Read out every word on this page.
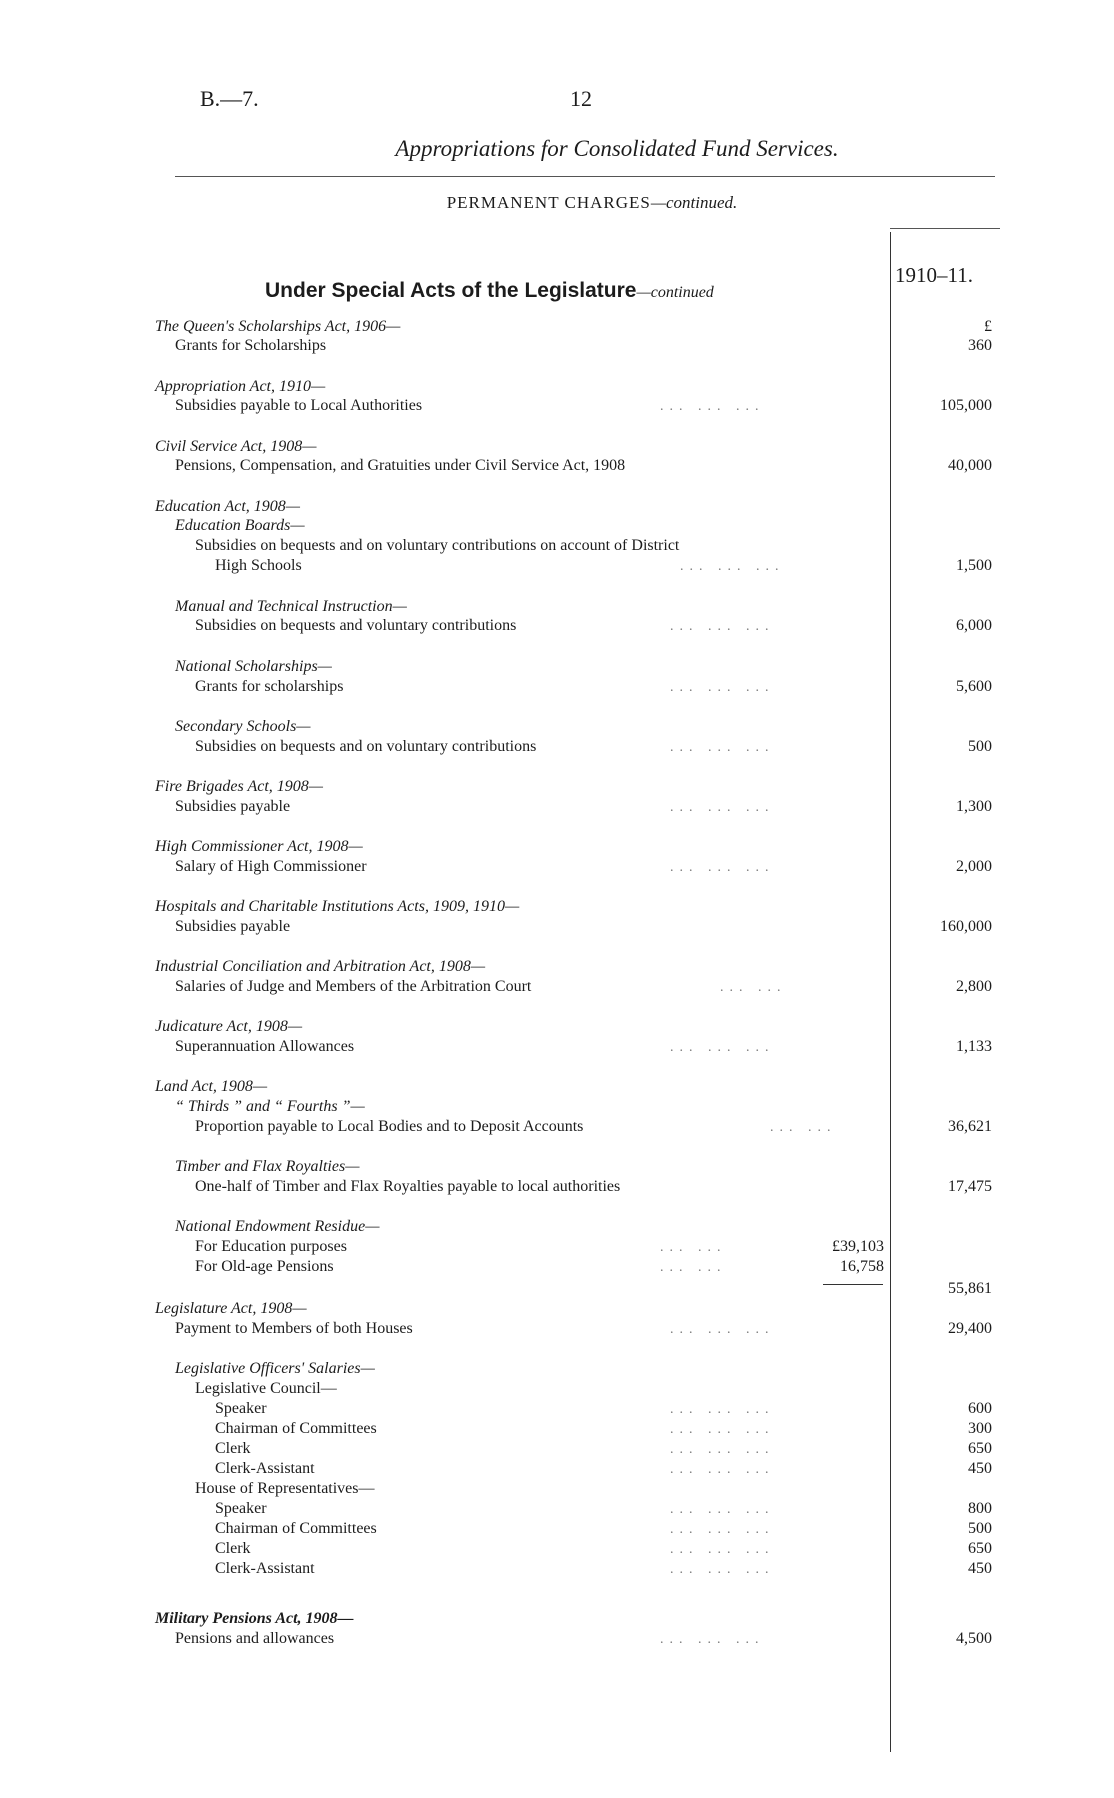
B.—7.	12
Appropriations for Consolidated Fund Services.
PERMANENT CHARGES—continued.
1910–11.
Under Special Acts of the Legislature—continued
The Queen's Scholarships Act, 1906—	£
Grants for Scholarships	360
Appropriation Act, 1910—
Subsidies payable to Local Authorities	... ... ...	105,000
Civil Service Act, 1908—
Pensions, Compensation, and Gratuities under Civil Service Act, 1908	40,000
Education Act, 1908—
Education Boards—
Subsidies on bequests and on voluntary contributions on account of District
High Schools	... ... ...	1,500
Manual and Technical Instruction—
Subsidies on bequests and voluntary contributions	... ... ...	6,000
National Scholarships—
Grants for scholarships	... ... ...	5,600
Secondary Schools—
Subsidies on bequests and on voluntary contributions	... ... ...	500
Fire Brigades Act, 1908—
Subsidies payable	... ... ...	1,300
High Commissioner Act, 1908—
Salary of High Commissioner	... ... ...	2,000
Hospitals and Charitable Institutions Acts, 1909, 1910—
Subsidies payable	160,000
Industrial Conciliation and Arbitration Act, 1908—
Salaries of Judge and Members of the Arbitration Court	... ...	2,800
Judicature Act, 1908—
Superannuation Allowances	... ... ...	1,133
Land Act, 1908—
“ Thirds ” and “ Fourths ”—
Proportion payable to Local Bodies and to Deposit Accounts	... ...	36,621
Timber and Flax Royalties—
One-half of Timber and Flax Royalties payable to local authorities	17,475
National Endowment Residue—
For Education purposes	... ...	£39,103
For Old-age Pensions	... ...	16,758
55,861
Legislature Act, 1908—
Payment to Members of both Houses	... ... ...	29,400
Legislative Officers' Salaries—
Legislative Council—
Speaker	... ... ...	600
Chairman of Committees	... ... ...	300
Clerk	... ... ...	650
Clerk-Assistant	... ... ...	450
House of Representatives—
Speaker	... ... ...	800
Chairman of Committees	... ... ...	500
Clerk	... ... ...	650
Clerk-Assistant	... ... ...	450
Military Pensions Act, 1908—
Pensions and allowances	... ... ...	4,500
